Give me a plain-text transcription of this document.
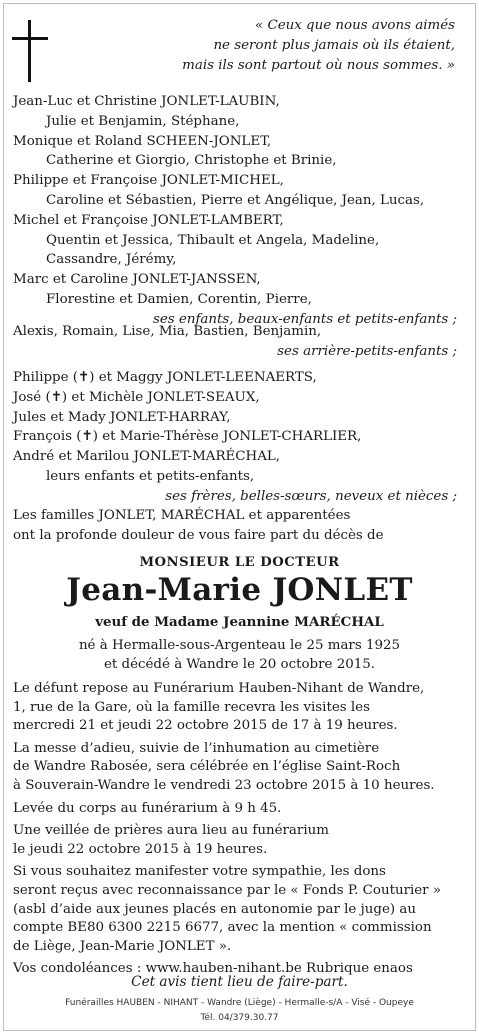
« Ceux que nous avons aimés
ne seront plus jamais où ils étaient,
mais ils sont partout où nous sommes. »
Jean-Luc et Christine JONLET-LAUBIN,
Julie et Benjamin, Stéphane,
Monique et Roland SCHEEN-JONLET,
Catherine et Giorgio, Christophe et Brinie,
Philippe et Françoise JONLET-MICHEL,
Caroline et Sébastien, Pierre et Angélique, Jean, Lucas,
Michel et Françoise JONLET-LAMBERT,
Quentin et Jessica, Thibault et Angela, Madeline,
Cassandre, Jérémy,
Marc et Caroline JONLET-JANSSEN,
Florestine et Damien, Corentin, Pierre,
ses enfants, beaux-enfants et petits-enfants ;
Alexis, Romain, Lise, Mia, Bastien, Benjamin,
ses arrière-petits-enfants ;
Philippe (✝) et Maggy JONLET-LEENAERTS,
José (✝) et Michèle JONLET-SEAUX,
Jules et Mady JONLET-HARRAY,
François (✝) et Marie-Thérèse JONLET-CHARLIER,
André et Marilou JONLET-MARÉCHAL,
leurs enfants et petits-enfants,
ses frères, belles-sœurs, neveux et nièces ;
Les familles JONLET, MARÉCHAL et apparentées
ont la profonde douleur de vous faire part du décès de
MONSIEUR LE DOCTEUR
Jean-Marie JONLET
veuf de Madame Jeannine MARÉCHAL
né à Hermalle-sous-Argenteau le 25 mars 1925
et décédé à Wandre le 20 octobre 2015.
Le défunt repose au Funérarium Hauben-Nihant de Wandre,
1, rue de la Gare, où la famille recevra les visites les
mercredi 21 et jeudi 22 octobre 2015 de 17 à 19 heures.
La messe d’adieu, suivie de l’inhumation au cimetière
de Wandre Rabosée, sera célébrée en l’église Saint-Roch
à Souverain-Wandre le vendredi 23 octobre 2015 à 10 heures.
Levée du corps au funérarium à 9 h 45.
Une veillée de prières aura lieu au funérarium
le jeudi 22 octobre 2015 à 19 heures.
Si vous souhaitez manifester votre sympathie, les dons
seront reçus avec reconnaissance par le « Fonds P. Couturier »
(asbl d’aide aux jeunes placés en autonomie par le juge) au
compte BE80 6300 2215 6677, avec la mention « commission
de Liège, Jean-Marie JONLET ».
Vos condoléances : www.hauben-nihant.be Rubrique enaos
Cet avis tient lieu de faire-part.
Funérailles HAUBEN - NIHANT - Wandre (Liège) - Hermalle-s/A - Visé - Oupeye
Tél. 04/379.30.77
